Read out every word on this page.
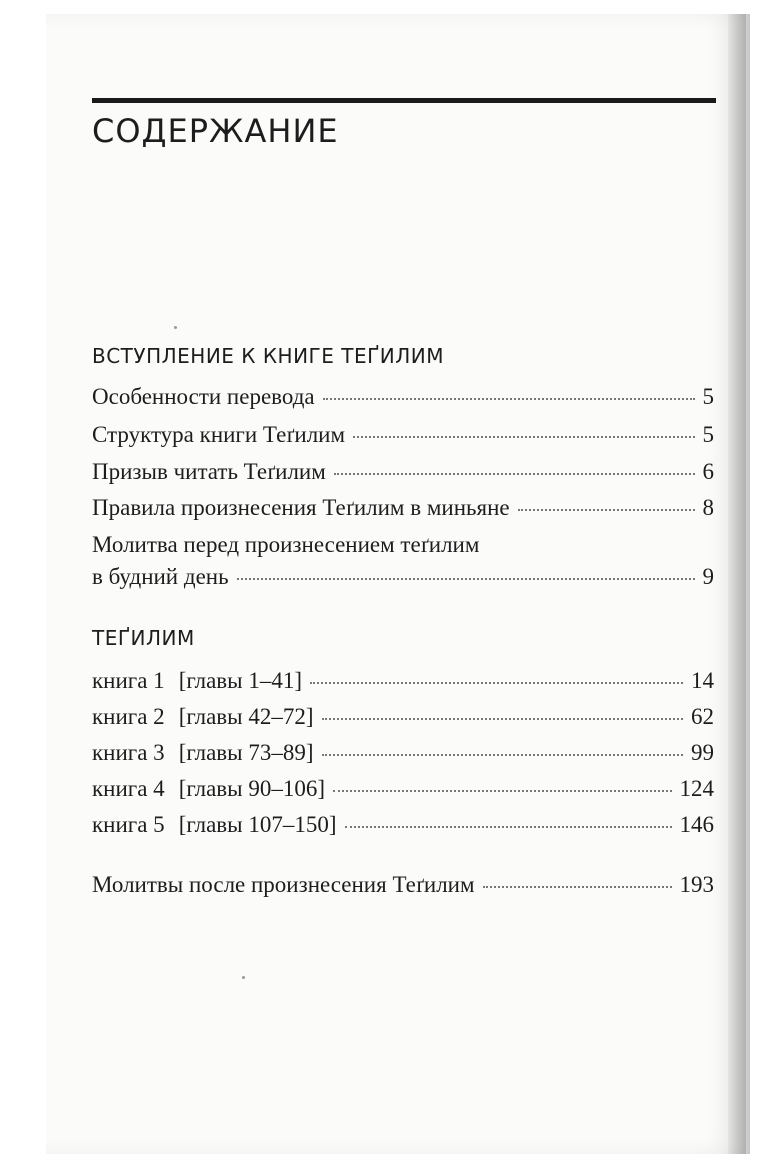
СОДЕРЖАНИЕ
ВСТУПЛЕНИЕ К КНИГЕ ТЕҐИЛИМ
Особенности перевода	5
Структура книги Теґилим	5
Призыв читать Теґилим	6
Правила произнесения Теґилим в миньяне	8
Молитва перед произнесением теґилим
в будний день	9
ТЕҐИЛИМ
книга 1 [главы 1–41]	14
книга 2 [главы 42–72]	62
книга 3 [главы 73–89]	99
книга 4 [главы 90–106]	124
книга 5 [главы 107–150]	146
Молитвы после произнесения Теґилим	193
